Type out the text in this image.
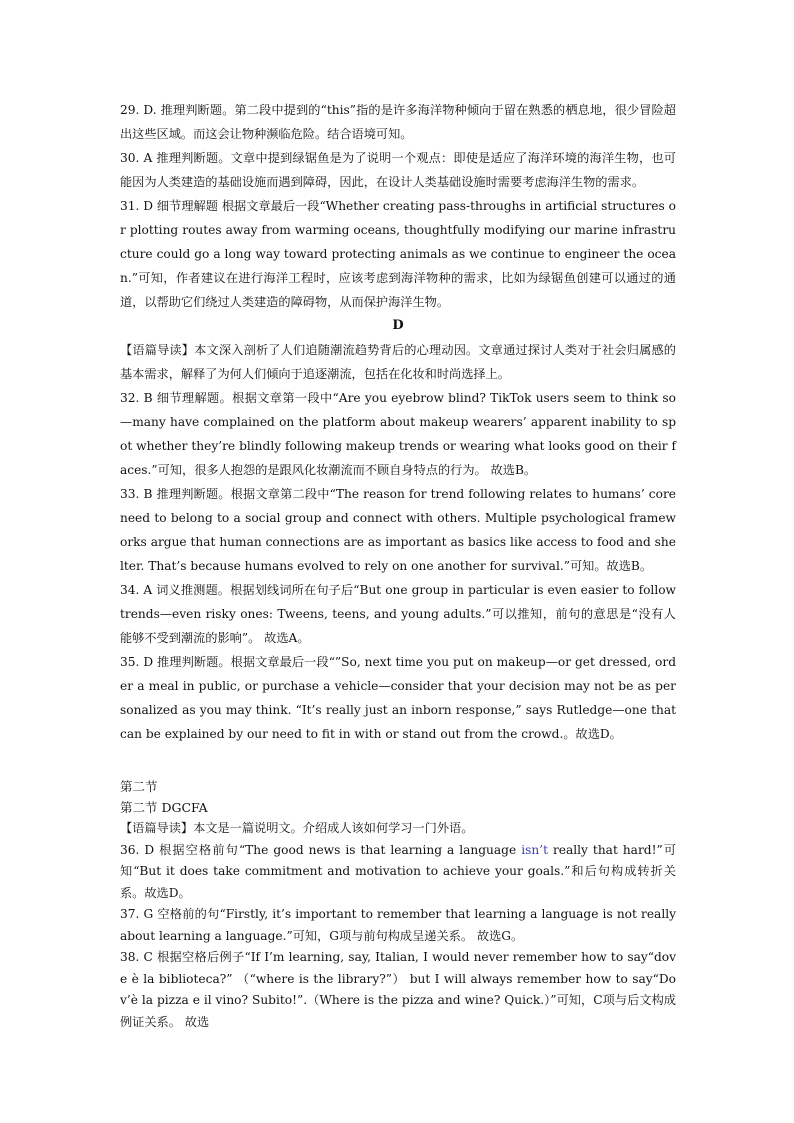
29. D. 推理判断题。第二段中提到的“this”指的是许多海洋物种倾向于留在熟悉的栖息地，很少冒险超出这些区域。而这会让物种濒临危险。结合语境可知。

30. A 推理判断题。文章中提到绿锯鱼是为了说明一个观点：即使是适应了海洋环境的海洋生物，也可能因为人类建造的基础设施而遇到障碍，因此，在设计人类基础设施时需要考虑海洋生物的需求。

31. D 细节理解题 根据文章最后一段“Whether creating pass-throughs in artificial structures or plotting routes away from warming oceans, thoughtfully modifying our marine infrastructure could go a long way toward protecting animals as we continue to engineer the ocean.”可知，作者建议在进行海洋工程时，应该考虑到海洋物种的需求，比如为绿锯鱼创建可以通过的通道，以帮助它们绕过人类建造的障碍物，从而保护海洋生物。

D

【语篇导读】本文深入剖析了人们追随潮流趋势背后的心理动因。文章通过探讨人类对于社会归属感的基本需求，解释了为何人们倾向于追逐潮流，包括在化妆和时尚选择上。

32. B 细节理解题。根据文章第一段中“Are you eyebrow blind? TikTok users seem to think so—many have complained on the platform about makeup wearers’ apparent inability to spot whether they’re blindly following makeup trends or wearing what looks good on their faces.”可知，很多人抱怨的是跟风化妆潮流而不顾自身特点的行为。 故选B。

33. B 推理判断题。根据文章第二段中“The reason for trend following relates to humans’ core need to belong to a social group and connect with others. Multiple psychological frameworks argue that human connections are as important as basics like access to food and shelter. That’s because humans evolved to rely on one another for survival.”可知。故选B。

34. A 词义推测题。根据划线词所在句子后“But one group in particular is even easier to follow trends—even risky ones: Tweens, teens, and young adults.”可以推知，前句的意思是“没有人能够不受到潮流的影响”。 故选A。

35. D 推理判断题。根据文章最后一段“”So, next time you put on makeup—or get dressed, order a meal in public, or purchase a vehicle—consider that your decision may not be as personalized as you may think. “It’s really just an inborn response,” says Rutledge—one that can be explained by our need to fit in with or stand out from the crowd.。故选D。

第二节

第二节 DGCFA

【语篇导读】本文是一篇说明文。介绍成人该如何学习一门外语。

36. D 根据空格前句“The good news is that learning a language isn’t really that hard!”可知“But it does take commitment and motivation to achieve your goals.”和后句构成转折关系。故选D。

37. G 空格前的句“Firstly, it’s important to remember that learning a language is not really about learning a language.”可知，G项与前句构成呈递关系。 故选G。

38. C 根据空格后例子“If I’m learning, say, Italian, I would never remember how to say“dove è la biblioteca?” （“where is the library?”） but I will always remember how to say“Dov’è la pizza e il vino? Subito!”.（Where is the pizza and wine? Quick.）”可知，C项与后文构成例证关系。 故选
